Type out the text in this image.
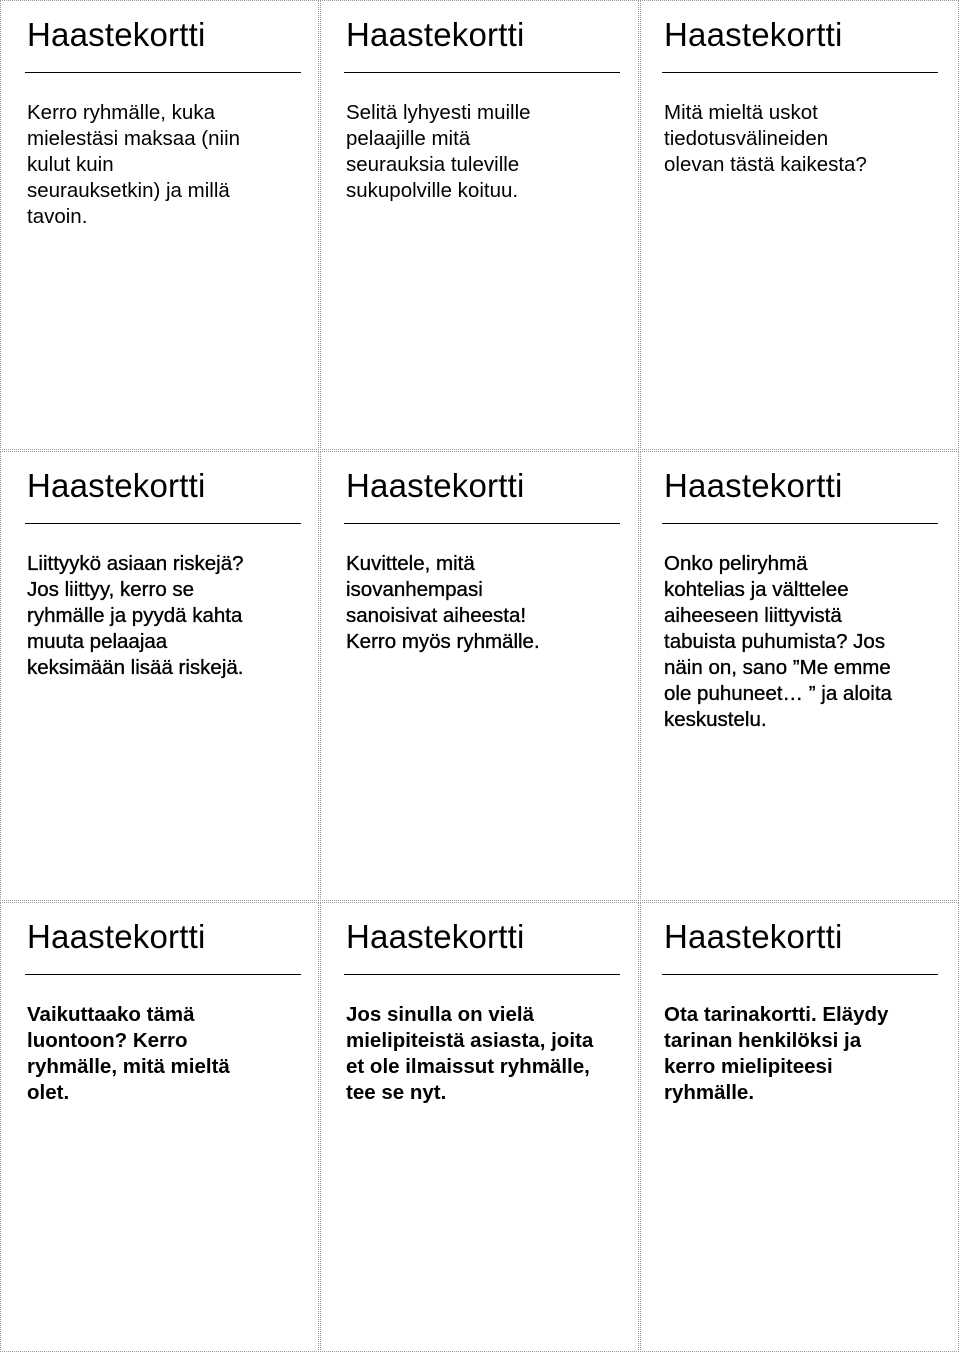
Haastekortti

Kerro ryhmälle, kuka
mielestäsi maksaa (niin
kulut kuin
seurauksetkin) ja millä
tavoin.

Haastekortti

Selitä lyhyesti muille
pelaajille mitä
seurauksia tuleville
sukupolville koituu.

Haastekortti

Mitä mieltä uskot
tiedotusvälineiden
olevan tästä kaikesta?

Haastekortti

Liittyykö asiaan riskejä?
Jos liittyy, kerro se
ryhmälle ja pyydä kahta
muuta pelaajaa
keksimään lisää riskejä.

Haastekortti

Kuvittele, mitä
isovanhempasi
sanoisivat aiheesta!
Kerro myös ryhmälle.

Haastekortti

Onko peliryhmä
kohtelias ja välttelee
aiheeseen liittyvistä
tabuista puhumista? Jos
näin on, sano ”Me emme
ole puhuneet… ” ja aloita
keskustelu.

Haastekortti

Vaikuttaako tämä
luontoon? Kerro
ryhmälle, mitä mieltä
olet.

Haastekortti

Jos sinulla on vielä
mielipiteistä asiasta, joita
et ole ilmaissut ryhmälle,
tee se nyt.

Haastekortti

Ota tarinakortti. Eläydy
tarinan henkilöksi ja
kerro mielipiteesi
ryhmälle.
